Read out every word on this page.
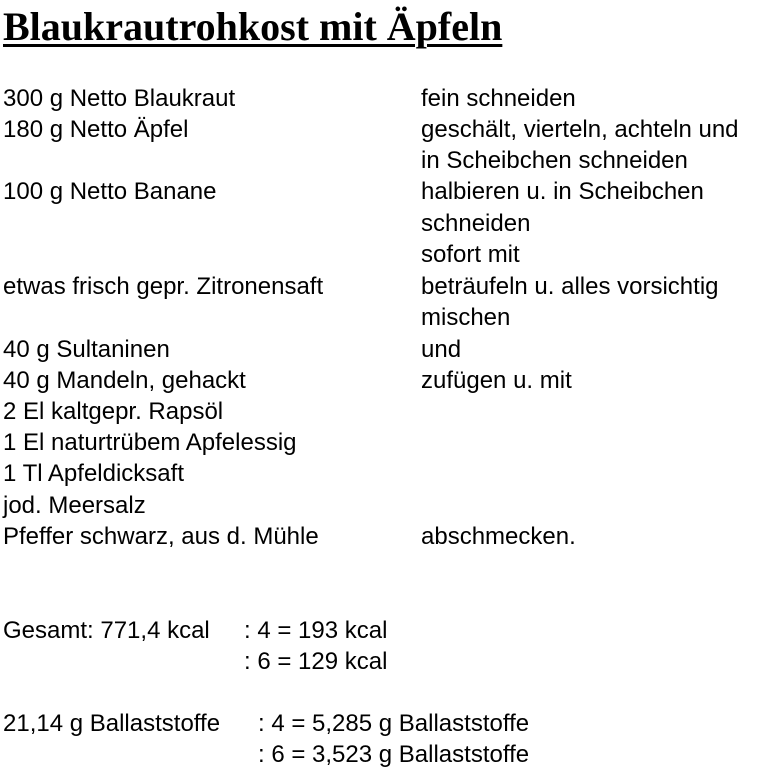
Blaukrautrohkost mit Äpfeln
300 g Netto Blaukraut
180 g Netto Äpfel
100 g Netto Banane
etwas frisch gepr. Zitronensaft
40 g Sultaninen
40 g Mandeln, gehackt
2 El kaltgepr. Rapsöl
1 El naturtrübem Apfelessig
1 Tl Apfeldicksaft
jod. Meersalz
Pfeffer schwarz, aus d. Mühle
fein schneiden
geschält, vierteln, achteln und
in Scheibchen schneiden
halbieren u. in Scheibchen
schneiden
sofort mit
beträufeln u. alles vorsichtig
mischen
und
zufügen u. mit
abschmecken.
Gesamt: 771,4 kcal : 4 = 193 kcal
: 6 = 129 kcal
21,14 g Ballaststoffe : 4 = 5,285 g Ballaststoffe
: 6 = 3,523 g Ballaststoffe
